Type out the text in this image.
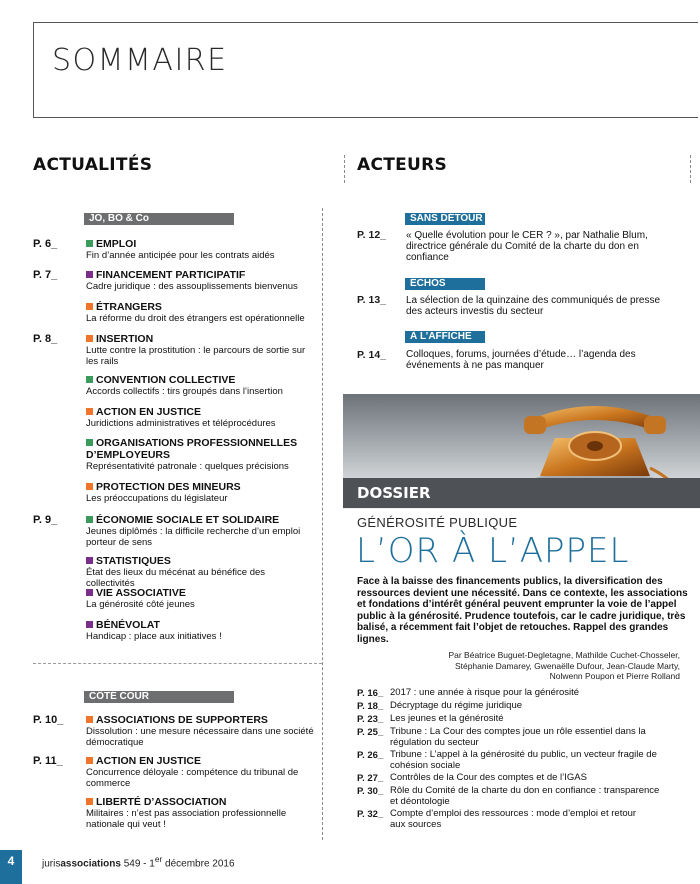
SOMMAIRE
ACTUALITÉS	ACTEURS
JO, BO & Co
P. 6_
P. 7_
P. 8_
P. 9_
P. 10_
P. 11_
EMPLOI
Fin d’année anticipée pour les contrats aidés
FINANCEMENT PARTICIPATIF
Cadre juridique : des assouplissements bienvenus
ÉTRANGERS
La réforme du droit des étrangers est opérationnelle
INSERTION
Lutte contre la prostitution : le parcours de sortie sur les rails
CONVENTION COLLECTIVE
Accords collectifs : tirs groupés dans l’insertion
ACTION EN JUSTICE
Juridictions administratives et téléprocédures
ORGANISATIONS PROFESSIONNELLES
D’EMPLOYEURS
Représentativité patronale : quelques précisions
PROTECTION DES MINEURS
Les préoccupations du législateur
ÉCONOMIE SOCIALE ET SOLIDAIRE
Jeunes diplômés : la difficile recherche d’un emploi porteur de sens
STATISTIQUES
État des lieux du mécénat au bénéfice des collectivités
VIE ASSOCIATIVE
La générosité côté jeunes
BÉNÉVOLAT
Handicap : place aux initiatives !
CÔTÉ COUR
ASSOCIATIONS DE SUPPORTERS
Dissolution : une mesure nécessaire dans une société démocratique
ACTION EN JUSTICE
Concurrence déloyale : compétence du tribunal de commerce
LIBERTÉ D’ASSOCIATION
Militaires : n’est pas association professionnelle nationale qui veut !
SANS DÉTOUR
P. 12_ « Quelle évolution pour le CER ? », par Nathalie Blum, directrice générale du Comité de la charte du don en confiance
ÉCHOS
P. 13_ La sélection de la quinzaine des communiqués de presse des acteurs investis du secteur
À L’AFFICHE
P. 14_ Colloques, forums, journées d’étude… l’agenda des événements à ne pas manquer
DOSSIER
GÉNÉROSITÉ PUBLIQUE
L’OR À L’APPEL
Face à la baisse des financements publics, la diversification des ressources devient une nécessité. Dans ce contexte, les associations et fondations d’intérêt général peuvent emprunter la voie de l’appel public à la générosité. Prudence toutefois, car le cadre juridique, très balisé, a récemment fait l’objet de retouches. Rappel des grandes lignes.
Par Béatrice Buguet-Degletagne, Mathilde Cuchet-Chosseler, Stéphanie Damarey, Gwenaëlle Dufour, Jean-Claude Marty, Nolwenn Poupon et Pierre Rolland
P. 16_ 2017 : une année à risque pour la générosité
P. 18_ Décryptage du régime juridique
P. 23_ Les jeunes et la générosité
P. 25_ Tribune : La Cour des comptes joue un rôle essentiel dans la régulation du secteur
P. 26_ Tribune : L’appel à la générosité du public, un vecteur fragile de cohésion sociale
P. 27_ Contrôles de la Cour des comptes et de l’IGAS
P. 30_ Rôle du Comité de la charte du don en confiance : transparence et déontologie
P. 32_ Compte d’emploi des ressources : mode d’emploi et retour aux sources
4	jurisassociations 549 - 1er décembre 2016
